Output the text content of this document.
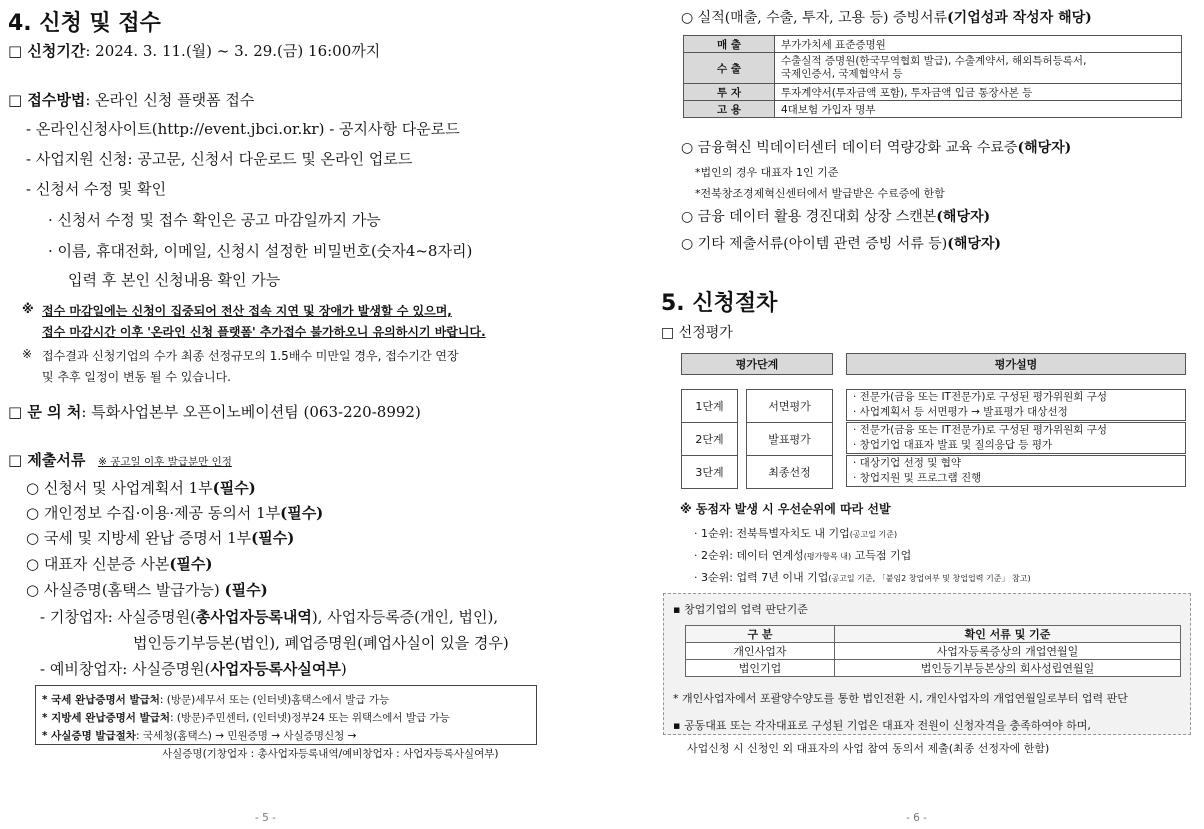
4. 신청 및 접수
□ 신청기간: 2024. 3. 11.(월) ~ 3. 29.(금) 16:00까지
□ 접수방법: 온라인 신청 플랫폼 접수
- 온라인신청사이트(http://event.jbci.or.kr) - 공지사항 다운로드
- 사업지원 신청: 공고문, 신청서 다운로드 및 온라인 업로드
- 신청서 수정 및 확인
· 신청서 수정 및 접수 확인은 공고 마감일까지 가능
· 이름, 휴대전화, 이메일, 신청시 설정한 비밀번호(숫자4~8자리)
입력 후 본인 신청내용 확인 가능
※ 접수 마감일에는 신청이 집중되어 전산 접속 지연 및 장애가 발생할 수 있으며,
접수 마감시간 이후 '온라인 신청 플랫폼' 추가접수 불가하오니 유의하시기 바랍니다.
※ 접수결과 신청기업의 수가 최종 선정규모의 1.5배수 미만일 경우, 접수기간 연장
및 추후 일정이 변동 될 수 있습니다.
□ 문 의 처: 특화사업본부 오픈이노베이션팀 (063-220-8992)
□ 제출서류 ※ 공고일 이후 발급분만 인정
○ 신청서 및 사업계획서 1부(필수)
○ 개인정보 수집·이용·제공 동의서 1부(필수)
○ 국세 및 지방세 완납 증명서 1부(필수)
○ 대표자 신분증 사본(필수)
○ 사실증명(홈택스 발급가능) (필수)
- 기창업자: 사실증명원(총사업자등록내역), 사업자등록증(개인, 법인),
법인등기부등본(법인), 폐업증명원(폐업사실이 있을 경우)
- 예비창업자: 사실증명원(사업자등록사실여부)
* 국세 완납증명서 발급처: (방문)세무서 또는 (인터넷)홈택스에서 발급 가능
* 지방세 완납증명서 발급처: (방문)주민센터, (인터넷)정부24 또는 위택스에서 발급 가능
* 사실증명 발급절차: 국세청(홈택스) → 민원증명 → 사실증명신청 →
사실증명(기창업자 : 총사업자등록내역/예비창업자 : 사업자등록사실여부)
- 5 -
○ 실적(매출, 수출, 투자, 고용 등) 증빙서류(기업성과 작성자 해당)
매 출	부가가치세 표준증명원
수 출	수출실적 증명원(한국무역협회 발급), 수출계약서, 해외특허등록서,
국제인증서, 국제협약서 등

투 자	투자계약서(투자금액 포함), 투자금액 입금 통장사본 등
고 용	4대보험 가입자 명부
○ 금융혁신 빅데이터센터 데이터 역량강화 교육 수료증(해당자)
*법인의 경우 대표자 1인 기준
*전북창조경제혁신센터에서 발급받은 수료증에 한함
○ 금융 데이터 활용 경진대회 상장 스캔본(해당자)
○ 기타 제출서류(아이템 관련 증빙 서류 등)(해당자)
5. 신청절차
□ 선정평가
평가단계	평가설명
1단계	서면평가
· 전문가(금융 또는 IT전문가)로 구성된 평가위원회 구성
· 사업계획서 등 서면평가 → 발표평가 대상선정
2단계	발표평가
· 전문가(금융 또는 IT전문가)로 구성된 평가위원회 구성
· 창업기업 대표자 발표 및 질의응답 등 평가
3단계	최종선정
· 대상기업 선정 및 협약
· 창업지원 및 프로그램 진행
※ 동점자 발생 시 우선순위에 따라 선발
· 1순위: 전북특별자치도 내 기업(공고일 기준)
· 2순위: 데이터 연계성(평가항목 내) 고득점 기업
· 3순위: 업력 7년 이내 기업(공고일 기준, 「붙임2 창업여부 및 창업업력 기준」 참고)
▪ 창업기업의 업력 판단기준
구 분	확인 서류 및 기준
개인사업자	사업자등록증상의 개업연월일
법인기업	법인등기부등본상의 회사성립연월일
* 개인사업자에서 포괄양수양도를 통한 법인전환 시, 개인사업자의 개업연월일로부터 업력 판단
▪ 공동대표 또는 각자대표로 구성된 기업은 대표자 전원이 신청자격을 충족하여야 하며,
사업신청 시 신청인 외 대표자의 사업 참여 동의서 제출(최종 선정자에 한함)
- 6 -
